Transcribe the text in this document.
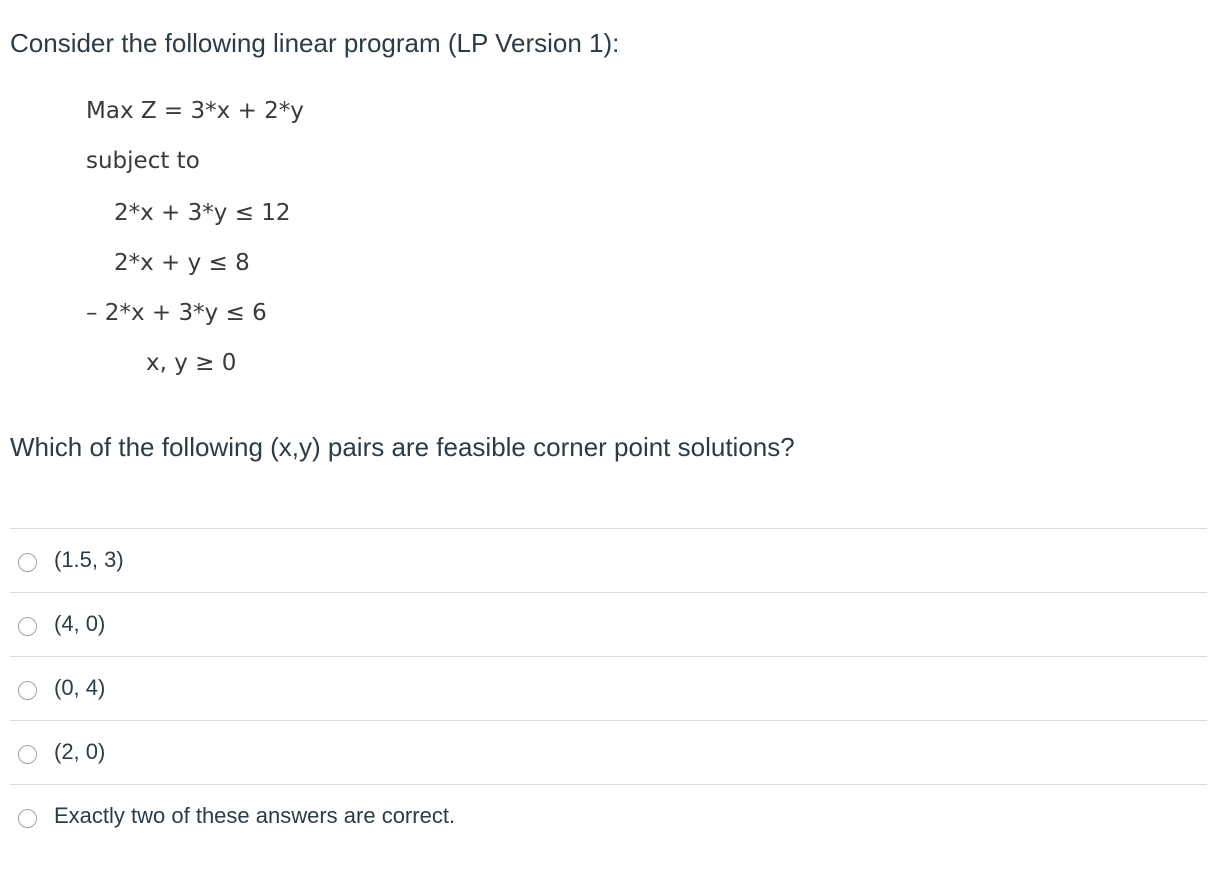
Consider the following linear program (LP Version 1):
Max Z = 3*x + 2*y
subject to
2*x + 3*y ≤ 12
2*x + y ≤ 8
– 2*x + 3*y ≤ 6
x, y ≥ 0
Which of the following (x,y) pairs are feasible corner point solutions?
(1.5, 3)
(4, 0)
(0, 4)
(2, 0)
Exactly two of these answers are correct.
